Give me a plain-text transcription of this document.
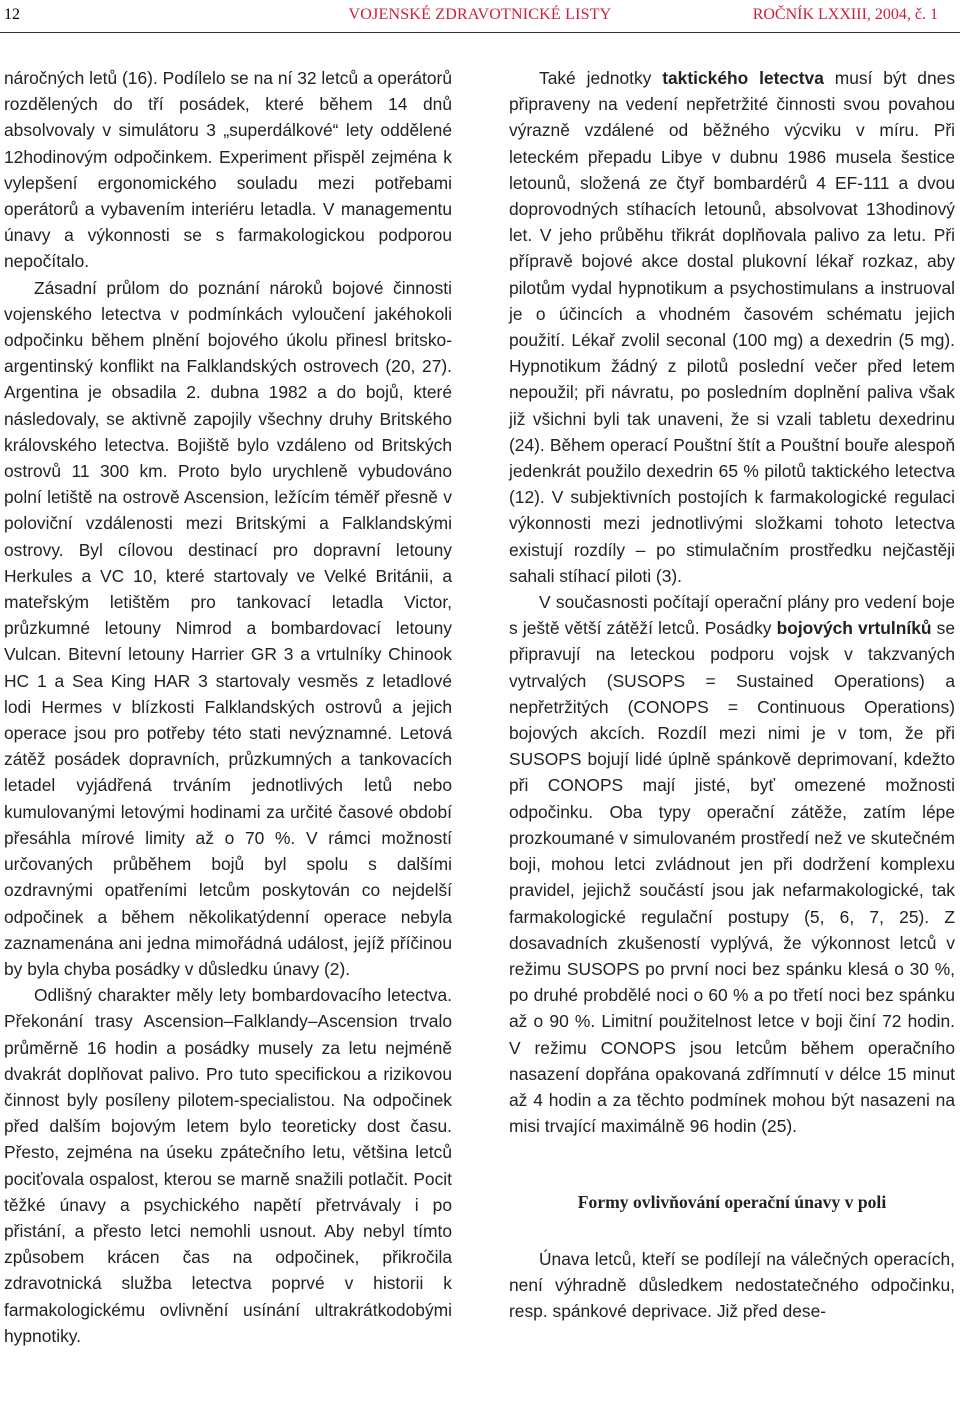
12	VOJENSKÉ ZDRAVOTNICKÉ LISTY	ROČNÍK LXXIII, 2004, č. 1

náročných letů (16). Podílelo se na ní 32 letců a operátorů rozdělených do tří posádek, které během 14 dnů absolvovaly v simulátoru 3 „superdálkové“ lety oddělené 12hodinovým odpočinkem. Experiment přispěl zejména k vylepšení ergonomického souladu mezi potřebami operátorů a vybavením interiéru letadla. V managementu únavy a výkonnosti se s farmakologickou podporou nepočítalo.

Zásadní průlom do poznání nároků bojové činnosti vojenského letectva v podmínkách vyloučení jakéhokoli odpočinku během plnění bojového úkolu přinesl britsko-argentinský konflikt na Falklandských ostrovech (20, 27). Argentina je obsadila 2. dubna 1982 a do bojů, které následovaly, se aktivně zapojily všechny druhy Britského královského letectva. Bojiště bylo vzdáleno od Britských ostrovů 11 300 km. Proto bylo urychleně vybudováno polní letiště na ostrově Ascension, ležícím téměř přesně v poloviční vzdálenosti mezi Britskými a Falklandskými ostrovy. Byl cílovou destinací pro dopravní letouny Herkules a VC 10, které startovaly ve Velké Británii, a mateřským letištěm pro tankovací letadla Victor, průzkumné letouny Nimrod a bombardovací letouny Vulcan. Bitevní letouny Harrier GR 3 a vrtulníky Chinook HC 1 a Sea King HAR 3 startovaly vesměs z letadlové lodi Hermes v blízkosti Falklandských ostrovů a jejich operace jsou pro potřeby této stati nevýznamné. Letová zátěž posádek dopravních, průzkumných a tankovacích letadel vyjádřená trváním jednotlivých letů nebo kumulovanými letovými hodinami za určité časové období přesáhla mírové limity až o 70 %. V rámci možností určovaných průběhem bojů byl spolu s dalšími ozdravnými opatřeními letcům poskytován co nejdelší odpočinek a během několikatýdenní operace nebyla zaznamenána ani jedna mimořádná událost, jejíž příčinou by byla chyba posádky v důsledku únavy (2).

Odlišný charakter měly lety bombardovacího letectva. Překonání trasy Ascension–Falklandy–Ascension trvalo průměrně 16 hodin a posádky musely za letu nejméně dvakrát doplňovat palivo. Pro tuto specifickou a rizikovou činnost byly posíleny pilotem-specialistou. Na odpočinek před dalším bojovým letem bylo teoreticky dost času. Přesto, zejména na úseku zpátečního letu, většina letců pociťovala ospalost, kterou se marně snažili potlačit. Pocit těžké únavy a psychického napětí přetrvávaly i po přistání, a přesto letci nemohli usnout. Aby nebyl tímto způsobem krácen čas na odpočinek, přikročila zdravotnická služba letectva poprvé v historii k farmakologickému ovlivnění usínání ultrakrátkodobými hypnotiky.

Také jednotky taktického letectva musí být dnes připraveny na vedení nepřetržité činnosti svou povahou výrazně vzdálené od běžného výcviku v míru. Při leteckém přepadu Libye v dubnu 1986 musela šestice letounů, složená ze čtyř bombardérů 4 EF-111 a dvou doprovodných stíhacích letounů, absolvovat 13hodinový let. V jeho průběhu třikrát doplňovala palivo za letu. Při přípravě bojové akce dostal plukovní lékař rozkaz, aby pilotům vydal hypnotikum a psychostimulans a instruoval je o účincích a vhodném časovém schématu jejich použití. Lékař zvolil seconal (100 mg) a dexedrin (5 mg). Hypnotikum žádný z pilotů poslední večer před letem nepoužil; při návratu, po posledním doplnění paliva však již všichni byli tak unaveni, že si vzali tabletu dexedrinu (24). Během operací Pouštní štít a Pouštní bouře alespoň jedenkrát použilo dexedrin 65 % pilotů taktického letectva (12). V subjektivních postojích k farmakologické regulaci výkonnosti mezi jednotlivými složkami tohoto letectva existují rozdíly – po stimulačním prostředku nejčastěji sahali stíhací piloti (3).

V současnosti počítají operační plány pro vedení boje s ještě větší zátěží letců. Posádky bojových vrtulníků se připravují na leteckou podporu vojsk v takzvaných vytrvalých (SUSOPS = Sustained Operations) a nepřetržitých (CONOPS = Continuous Operations) bojových akcích. Rozdíl mezi nimi je v tom, že při SUSOPS bojují lidé úplně spánkově deprimovaní, kdežto při CONOPS mají jisté, byť omezené možnosti odpočinku. Oba typy operační zátěže, zatím lépe prozkoumané v simulovaném prostředí než ve skutečném boji, mohou letci zvládnout jen při dodržení komplexu pravidel, jejichž součástí jsou jak nefarmakologické, tak farmakologické regulační postupy (5, 6, 7, 25). Z dosavadních zkušeností vyplývá, že výkonnost letců v režimu SUSOPS po první noci bez spánku klesá o 30 %, po druhé probdělé noci o 60 % a po třetí noci bez spánku až o 90 %. Limitní použitelnost letce v boji činí 72 hodin. V režimu CONOPS jsou letcům během operačního nasazení dopřána opakovaná zdřímnutí v délce 15 minut až 4 hodin a za těchto podmínek mohou být nasazeni na misi trvající maximálně 96 hodin (25).

Formy ovlivňování operační únavy v poli

Únava letců, kteří se podílejí na válečných operacích, není výhradně důsledkem nedostatečného odpočinku, resp. spánkové deprivace. Již před dese-
